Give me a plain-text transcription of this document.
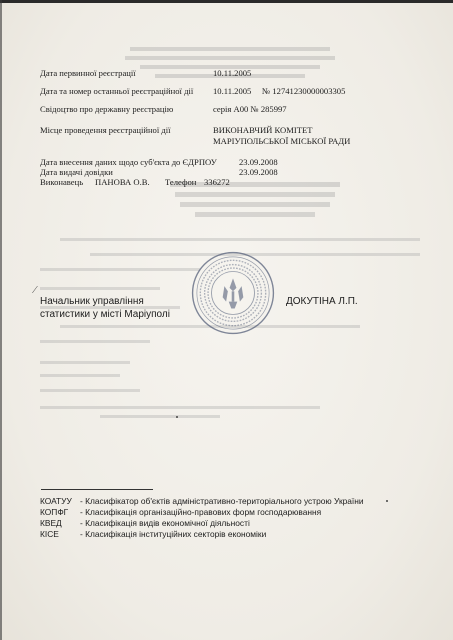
Дата первинної реєстрації	10.11.2005
Дата та номер останньої реєстраційної дії 10.11.2005 № 12741230000003305
Свідоцтво про державну реєстрацію	серія А00 № 285997
Місце проведення реєстраційної дії	ВИКОНАВЧИЙ КОМІТЕТ
МАРІУПОЛЬСЬКОЇ МІСЬКОЇ РАДИ
Дата внесення даних щодо суб'єкта до ЄДРПОУ	23.09.2008
Дата видачі довідки	23.09.2008
Виконавець ПАНОВА О.В. Телефон 336272
⁄
Начальник управління
статистики у місті Маріуполі
ДОКУТІНА Л.П.
КОАТУУ - Класифікатор об'єктів адміністративно-територіального устрою України
КОПФГ - Класифікація організаційно-правових форм господарювання
КВЕД - Класифікація видів економічної діяльності
КІСЕ	- Класифікація інституційних секторів економіки
